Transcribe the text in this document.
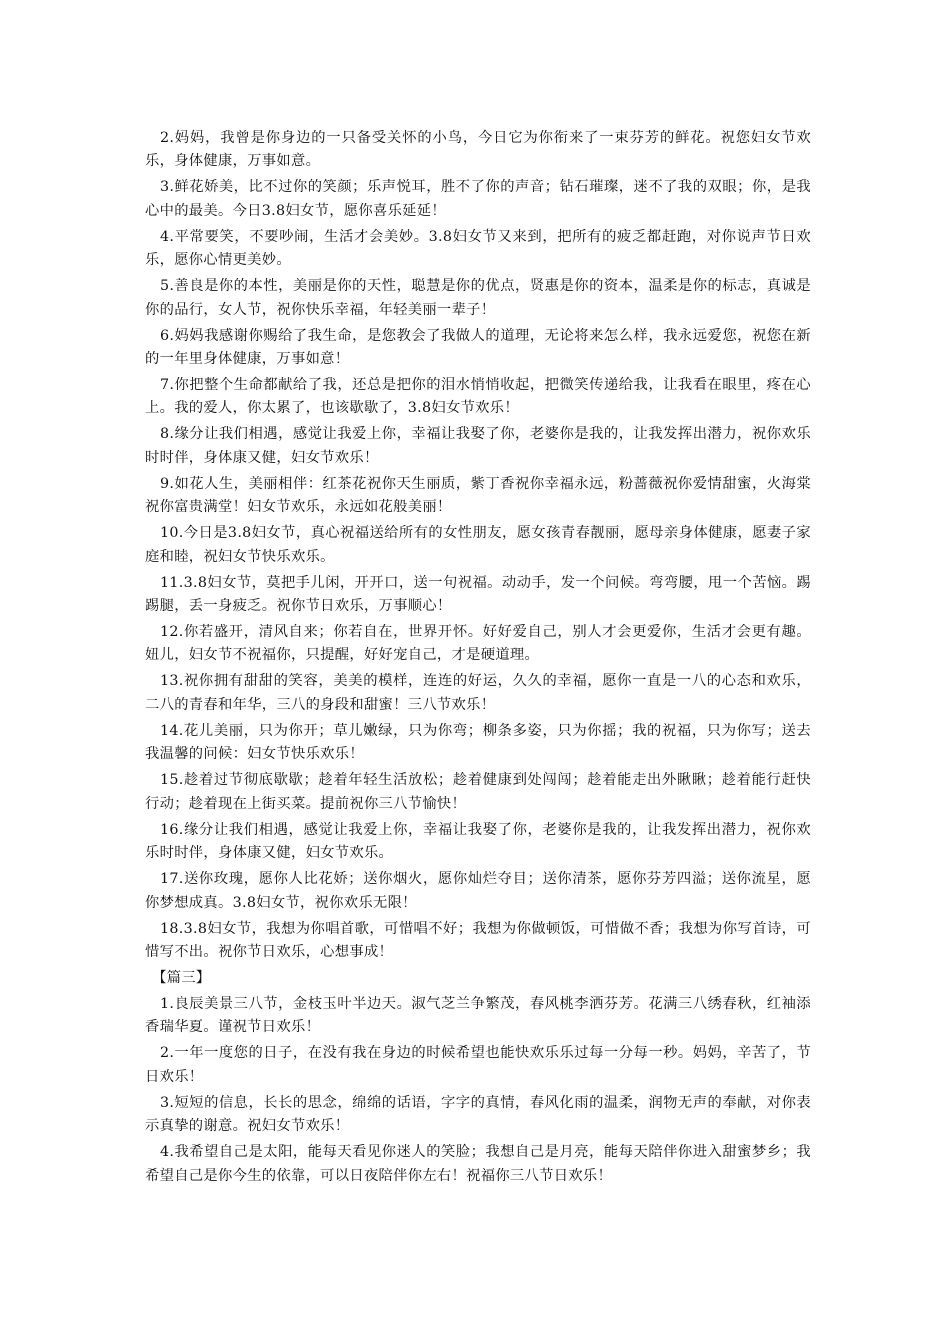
2.妈妈，我曾是你身边的一只备受关怀的小鸟，今日它为你衔来了一束芬芳的鲜花。祝您妇女节欢乐，身体健康，万事如意。

3.鲜花娇美，比不过你的笑颜；乐声悦耳，胜不了你的声音；钻石璀璨，迷不了我的双眼；你，是我心中的最美。今日3.8妇女节，愿你喜乐延延！

4.平常要笑，不要吵闹，生活才会美妙。3.8妇女节又来到，把所有的疲乏都赶跑，对你说声节日欢乐，愿你心情更美妙。

5.善良是你的本性，美丽是你的天性，聪慧是你的优点，贤惠是你的资本，温柔是你的标志，真诚是你的品行，女人节，祝你快乐幸福，年轻美丽一辈子！

6.妈妈我感谢你赐给了我生命，是您教会了我做人的道理，无论将来怎么样，我永远爱您，祝您在新的一年里身体健康，万事如意！

7.你把整个生命都献给了我，还总是把你的泪水悄悄收起，把微笑传递给我，让我看在眼里，疼在心上。我的爱人，你太累了，也该歇歇了，3.8妇女节欢乐！

8.缘分让我们相遇，感觉让我爱上你，幸福让我娶了你，老婆你是我的，让我发挥出潜力，祝你欢乐时时伴，身体康又健，妇女节欢乐！

9.如花人生，美丽相伴：红茶花祝你天生丽质，紫丁香祝你幸福永远，粉蔷薇祝你爱情甜蜜，火海棠祝你富贵满堂！妇女节欢乐，永远如花般美丽！

10.今日是3.8妇女节，真心祝福送给所有的女性朋友，愿女孩青春靓丽，愿母亲身体健康，愿妻子家庭和睦，祝妇女节快乐欢乐。

11.3.8妇女节，莫把手儿闲，开开口，送一句祝福。动动手，发一个问候。弯弯腰，甩一个苦恼。踢踢腿，丢一身疲乏。祝你节日欢乐，万事顺心！

12.你若盛开，清风自来；你若自在，世界开怀。好好爱自己，别人才会更爱你，生活才会更有趣。妞儿，妇女节不祝福你，只提醒，好好宠自己，才是硬道理。

13.祝你拥有甜甜的笑容，美美的模样，连连的好运，久久的幸福，愿你一直是一八的心态和欢乐，二八的青春和年华，三八的身段和甜蜜！三八节欢乐！

14.花儿美丽，只为你开；草儿嫩绿，只为你弯；柳条多姿，只为你摇；我的祝福，只为你写；送去我温馨的问候：妇女节快乐欢乐！

15.趁着过节彻底歇歇；趁着年轻生活放松；趁着健康到处闯闯；趁着能走出外瞅瞅；趁着能行赶快行动；趁着现在上街买菜。提前祝你三八节愉快！

16.缘分让我们相遇，感觉让我爱上你，幸福让我娶了你，老婆你是我的，让我发挥出潜力，祝你欢乐时时伴，身体康又健，妇女节欢乐。

17.送你玫瑰，愿你人比花娇；送你烟火，愿你灿烂夺目；送你清茶，愿你芬芳四溢；送你流星，愿你梦想成真。3.8妇女节，祝你欢乐无限！

18.3.8妇女节，我想为你唱首歌，可惜唱不好；我想为你做顿饭，可惜做不香；我想为你写首诗，可惜写不出。祝你节日欢乐，心想事成！

【篇三】

1.良辰美景三八节，金枝玉叶半边天。淑气芝兰争繁茂，春风桃李洒芬芳。花满三八绣春秋，红袖添香瑞华夏。谨祝节日欢乐！

2.一年一度您的日子，在没有我在身边的时候希望也能快欢乐乐过每一分每一秒。妈妈，辛苦了，节日欢乐！

3.短短的信息，长长的思念，绵绵的话语，字字的真情，春风化雨的温柔，润物无声的奉献，对你表示真挚的谢意。祝妇女节欢乐！

4.我希望自己是太阳，能每天看见你迷人的笑脸；我想自己是月亮，能每天陪伴你进入甜蜜梦乡；我希望自己是你今生的依靠，可以日夜陪伴你左右！祝福你三八节日欢乐！
